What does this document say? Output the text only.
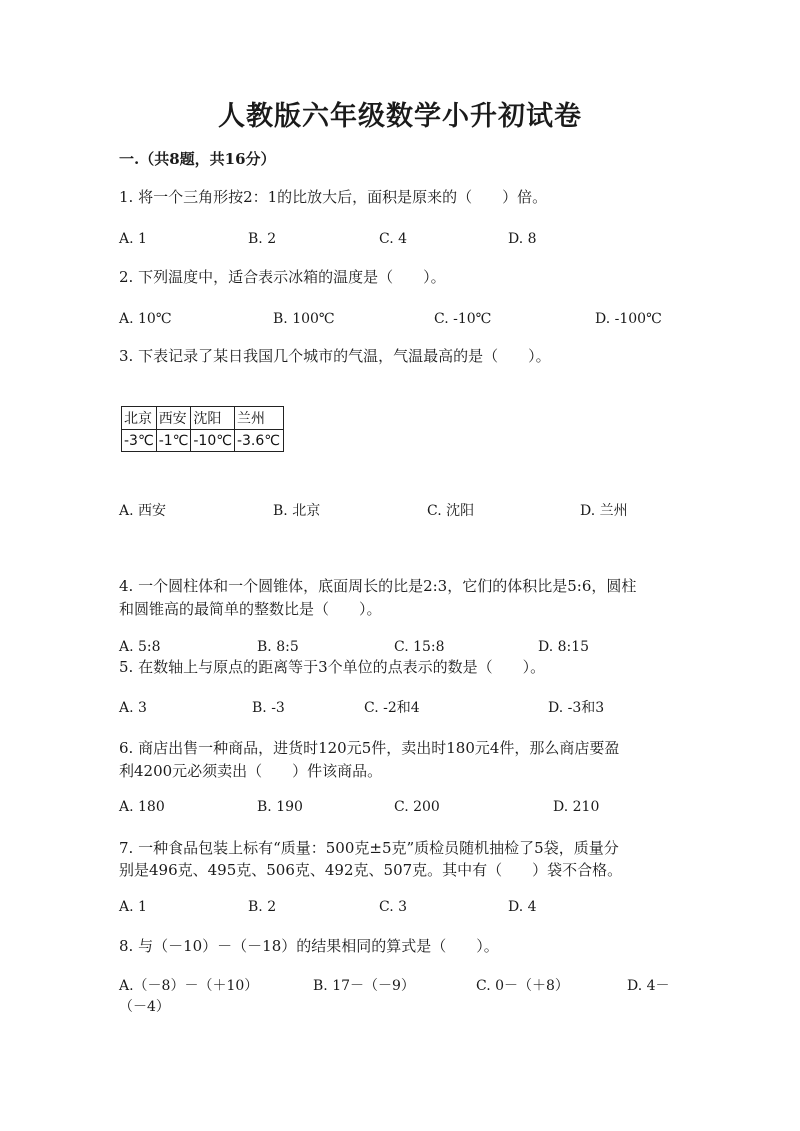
人教版六年级数学小升初试卷
一.（共8题，共16分）
1. 将一个三角形按2：1的比放大后，面积是原来的（　　）倍。
A. 1	B. 2	C. 4	D. 8
2. 下列温度中，适合表示冰箱的温度是（　　）。
A. 10℃	B. 100℃	C. -10℃	D. -100℃
3. 下表记录了某日我国几个城市的气温，气温最高的是（　　）。
北京	西安	沈阳	兰州
-3℃	-1℃	-10℃	-3.6℃
A. 西安	B. 北京	C. 沈阳	D. 兰州
4. 一个圆柱体和一个圆锥体，底面周长的比是2:3，它们的体积比是5:6，圆柱
和圆锥高的最简单的整数比是（　　）。
A. 5:8	B. 8:5	C. 15:8	D. 8:15
5. 在数轴上与原点的距离等于3个单位的点表示的数是（　　）。
A. 3	B. -3	C. -2和4	D. -3和3
6. 商店出售一种商品，进货时120元5件，卖出时180元4件，那么商店要盈
利4200元必须卖出（　　）件该商品。
A. 180	B. 190	C. 200	D. 210
7. 一种食品包装上标有“质量：500克±5克”质检员随机抽检了5袋，质量分
别是496克、495克、506克、492克、507克。其中有（　　）袋不合格。
A. 1	B. 2	C. 3	D. 4
8. 与（－10）－（－18）的结果相同的算式是（　　）。
A.（－8）－（＋10）	B. 17－（－9）	C. 0－（＋8）	D. 4－
（－4）
